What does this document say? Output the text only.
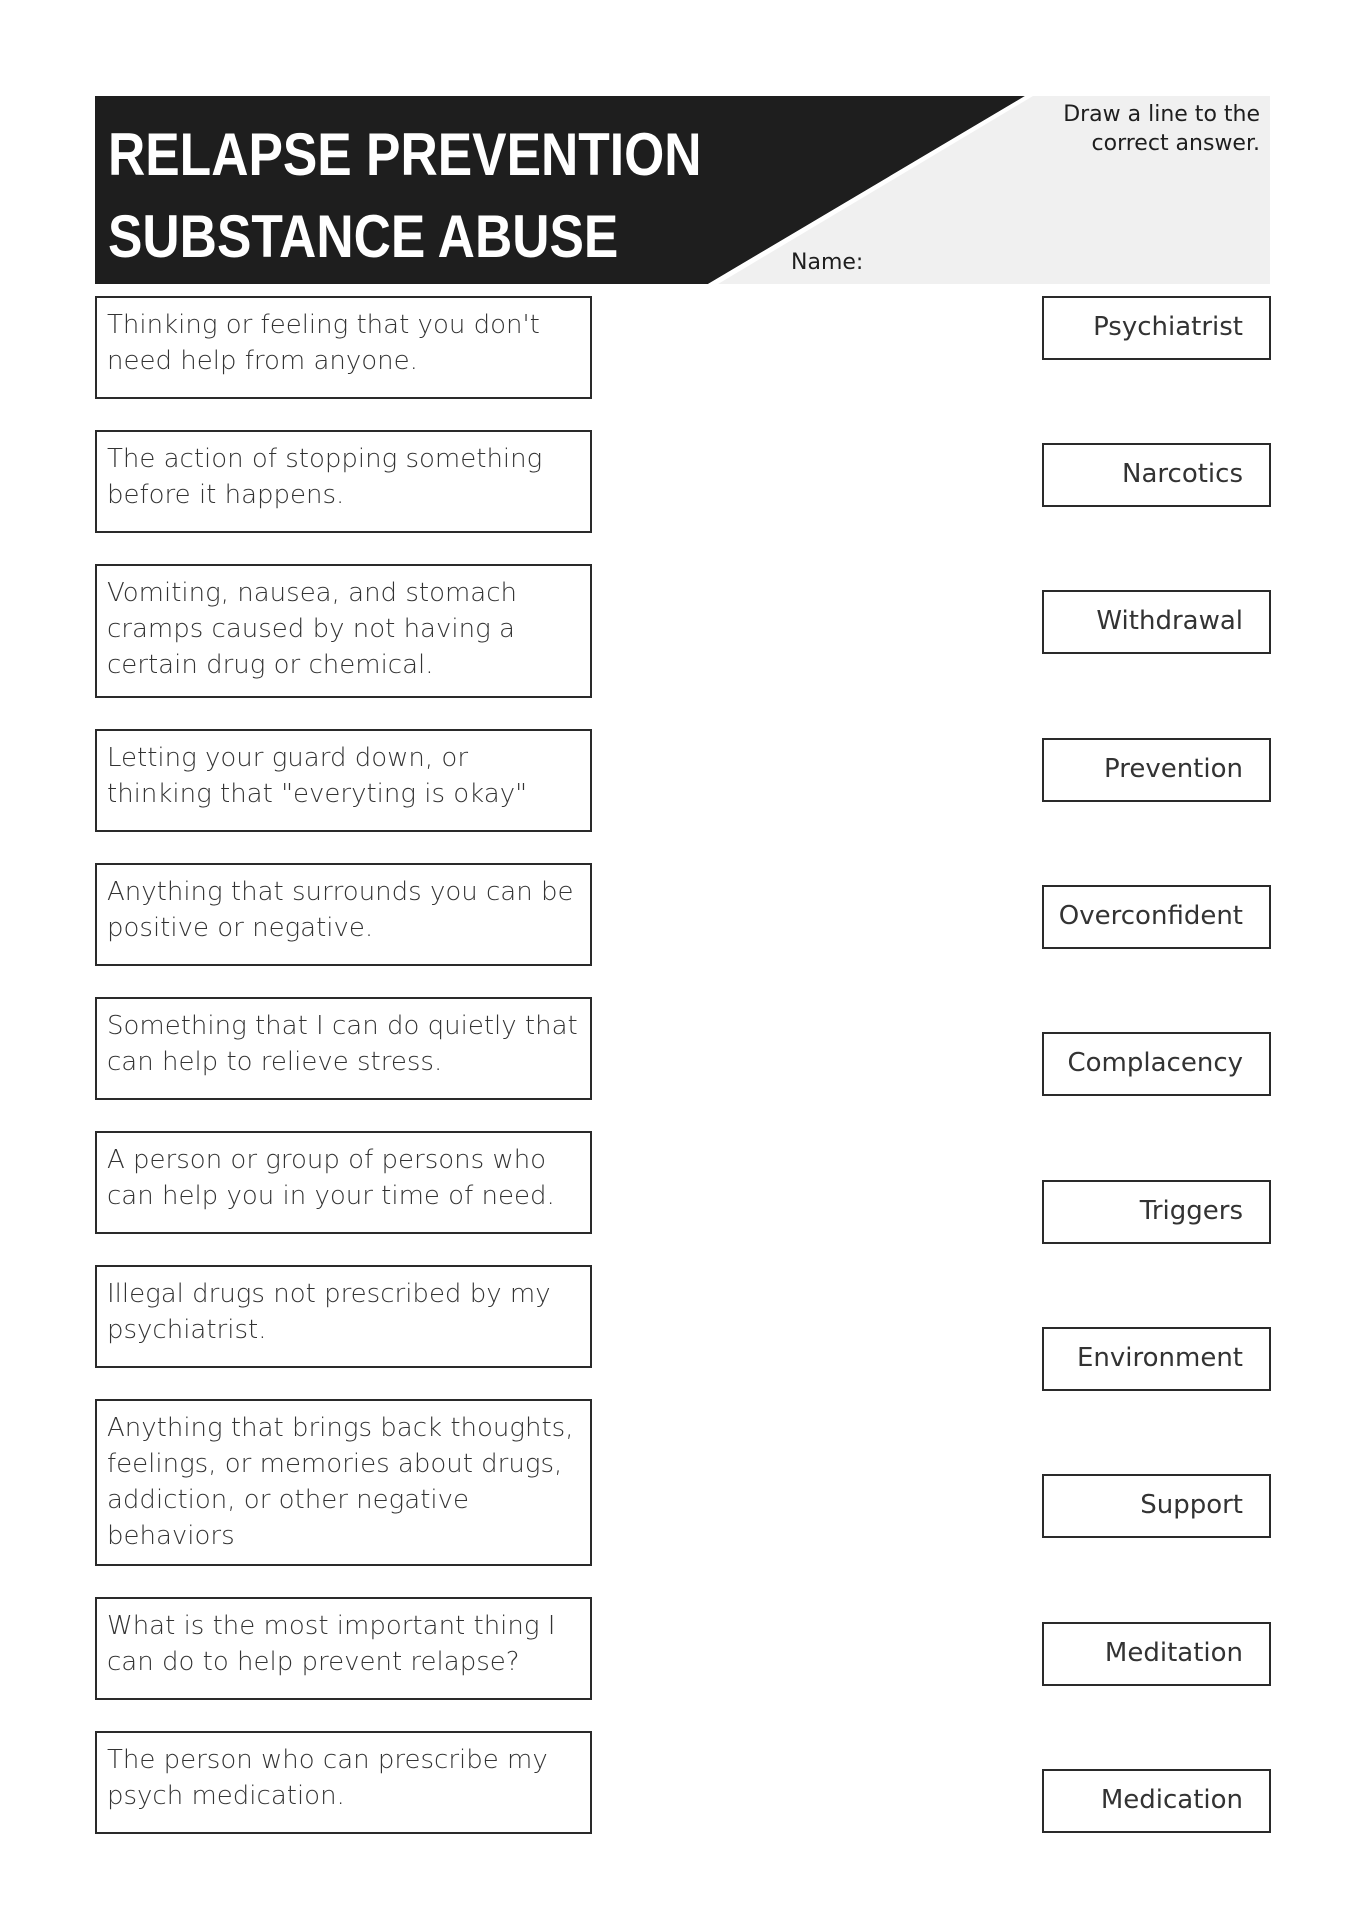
RELAPSE PREVENTION
SUBSTANCE ABUSE
Draw a line to the correct answer.
Name:
Thinking or feeling that you don't need help from anyone.
The action of stopping something before it happens.
Vomiting, nausea, and stomach cramps caused by not having a certain drug or chemical.
Letting your guard down, or thinking that "everyting is okay"
Anything that surrounds you can be positive or negative.
Something that I can do quietly that can help to relieve stress.
A person or group of persons who can help you in your time of need.
Illegal drugs not prescribed by my psychiatrist.
Anything that brings back thoughts, feelings, or memories about drugs, addiction, or other negative behaviors
What is the most important thing I can do to help prevent relapse?
The person who can prescribe my psych medication.
Psychiatrist
Narcotics
Withdrawal
Prevention
Overconfident
Complacency
Triggers
Environment
Support
Meditation
Medication
